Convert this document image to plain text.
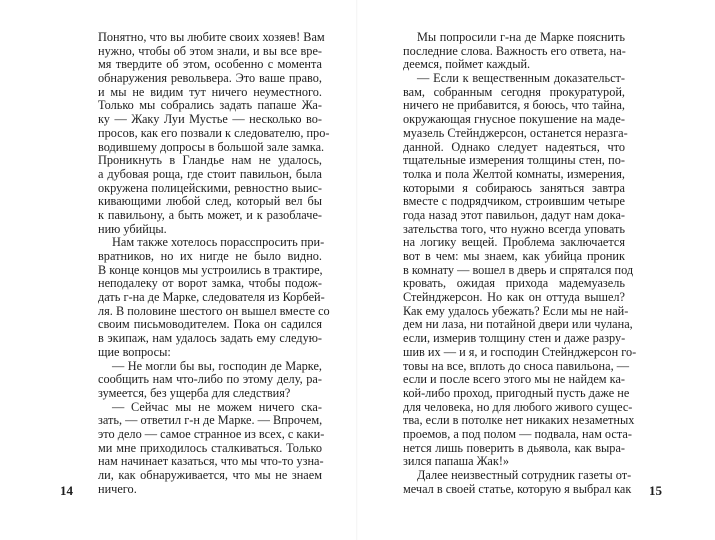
Понятно, что вы любите своих хозяев! Вам
нужно, чтобы об этом знали, и вы все вре-
мя твердите об этом, особенно с момента
обнаружения револьвера. Это ваше право,
и мы не видим тут ничего неуместного.
Только мы собрались задать папаше Жа-
ку — Жаку Луи Мустье — несколько во-
просов, как его позвали к следователю, про-
водившему допросы в большой зале замка.
Проникнуть в Гландье нам не удалось,
а дубовая роща, где стоит павильон, была
окружена полицейскими, ревностно выис-
кивающими любой след, который вел бы
к павильону, а быть может, и к разоблаче-
нию убийцы.
Нам также хотелось порасспросить при-
вратников, но их нигде не было видно.
В конце концов мы устроились в трактире,
неподалеку от ворот замка, чтобы подож-
дать г-на де Марке, следователя из Корбей-
ля. В половине шестого он вышел вместе со
своим письмоводителем. Пока он садился
в экипаж, нам удалось задать ему следую-
щие вопросы:
— Не могли бы вы, господин де Марке,
сообщить нам что-либо по этому делу, ра-
зумеется, без ущерба для следствия?
— Сейчас мы не можем ничего ска-
зать, — ответил г-н де Марке. — Впрочем,
это дело — самое странное из всех, с каки-
ми мне приходилось сталкиваться. Только
нам начинает казаться, что мы что-то узна-
ли, как обнаруживается, что мы не знаем
ничего.
14
Мы попросили г-на де Марке пояснить
последние слова. Важность его ответа, на-
деемся, поймет каждый.
— Если к вещественным доказательст-
вам, собранным сегодня прокуратурой,
ничего не прибавится, я боюсь, что тайна,
окружающая гнусное покушение на маде-
муазель Стейнджерсон, останется неразга-
данной. Однако следует надеяться, что
тщательные измерения толщины стен, по-
толка и пола Желтой комнаты, измерения,
которыми я собираюсь заняться завтра
вместе с подрядчиком, строившим четыре
года назад этот павильон, дадут нам дока-
зательства того, что нужно всегда уповать
на логику вещей. Проблема заключается
вот в чем: мы знаем, как убийца проник
в комнату — вошел в дверь и спрятался под
кровать, ожидая прихода мадемуазель
Стейнджерсон. Но как он оттуда вышел?
Как ему удалось убежать? Если мы не най-
дем ни лаза, ни потайной двери или чулана,
если, измерив толщину стен и даже разру-
шив их — и я, и господин Стейнджерсон го-
товы на все, вплоть до сноса павильона, —
если и после всего этого мы не найдем ка-
кой-либо проход, пригодный пусть даже не
для человека, но для любого живого сущес-
тва, если в потолке нет никаких незаметных
проемов, а под полом — подвала, нам оста-
нется лишь поверить в дьявола, как выра-
зился папаша Жак!»
Далее неизвестный сотрудник газеты от-
мечал в своей статье, которую я выбрал как 15
